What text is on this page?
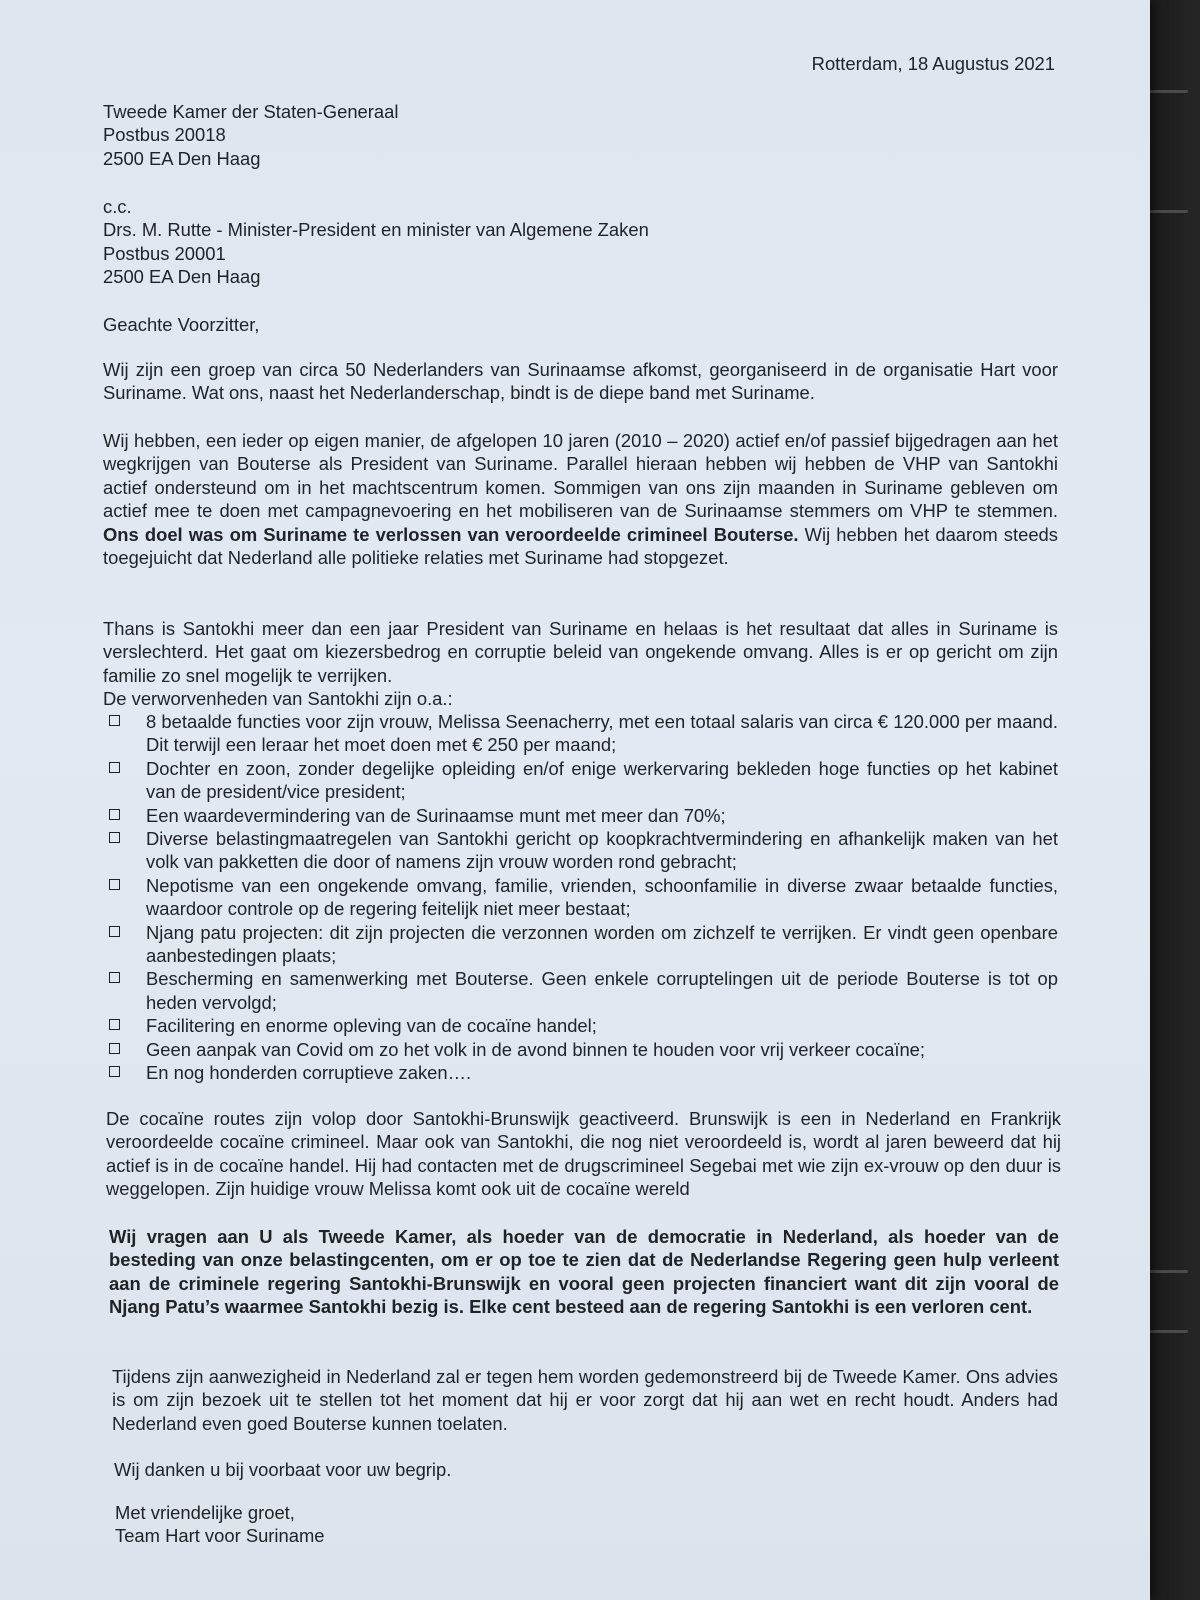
Rotterdam, 18 Augustus 2021
Tweede Kamer der Staten-Generaal
Postbus 20018
2500 EA Den Haag
c.c.
Drs. M. Rutte - Minister-President en minister van Algemene Zaken
Postbus 20001
2500 EA Den Haag
Geachte Voorzitter,
Wij zijn een groep van circa 50 Nederlanders van Surinaamse afkomst, georganiseerd in de organisatie Hart voor Suriname. Wat ons, naast het Nederlanderschap, bindt is de diepe band met Suriname.
Wij hebben, een ieder op eigen manier, de afgelopen 10 jaren (2010 – 2020) actief en/of passief bijgedragen aan het wegkrijgen van Bouterse als President van Suriname. Parallel hieraan hebben wij hebben de VHP van Santokhi actief ondersteund om in het machtscentrum komen. Sommigen van ons zijn maanden in Suriname gebleven om actief mee te doen met campagnevoering en het mobiliseren van de Surinaamse stemmers om VHP te stemmen. Ons doel was om Suriname te verlossen van veroordeelde crimineel Bouterse. Wij hebben het daarom steeds toegejuicht dat Nederland alle politieke relaties met Suriname had stopgezet.
Thans is Santokhi meer dan een jaar President van Suriname en helaas is het resultaat dat alles in Suriname is verslechterd. Het gaat om kiezersbedrog en corruptie beleid van ongekende omvang. Alles is er op gericht om zijn familie zo snel mogelijk te verrijken.
De verworvenheden van Santokhi zijn o.a.:
8 betaalde functies voor zijn vrouw, Melissa Seenacherry, met een totaal salaris van circa € 120.000 per maand. Dit terwijl een leraar het moet doen met € 250 per maand;
Dochter en zoon, zonder degelijke opleiding en/of enige werkervaring bekleden hoge functies op het kabinet van de president/vice president;
Een waardevermindering van de Surinaamse munt met meer dan 70%;
Diverse belastingmaatregelen van Santokhi gericht op koopkrachtvermindering en afhankelijk maken van het volk van pakketten die door of namens zijn vrouw worden rond gebracht;
Nepotisme van een ongekende omvang, familie, vrienden, schoonfamilie in diverse zwaar betaalde functies, waardoor controle op de regering feitelijk niet meer bestaat;
Njang patu projecten: dit zijn projecten die verzonnen worden om zichzelf te verrijken. Er vindt geen openbare aanbestedingen plaats;
Bescherming en samenwerking met Bouterse. Geen enkele corruptelingen uit de periode Bouterse is tot op heden vervolgd;
Facilitering en enorme opleving van de cocaïne handel;
Geen aanpak van Covid om zo het volk in de avond binnen te houden voor vrij verkeer cocaïne;
En nog honderden corruptieve zaken….
De cocaïne routes zijn volop door Santokhi-Brunswijk geactiveerd. Brunswijk is een in Nederland en Frankrijk veroordeelde cocaïne crimineel. Maar ook van Santokhi, die nog niet veroordeeld is, wordt al jaren beweerd dat hij actief is in de cocaïne handel. Hij had contacten met de drugscrimineel Segebai met wie zijn ex-vrouw op den duur is weggelopen. Zijn huidige vrouw Melissa komt ook uit de cocaïne wereld
Wij vragen aan U als Tweede Kamer, als hoeder van de democratie in Nederland, als hoeder van de besteding van onze belastingcenten, om er op toe te zien dat de Nederlandse Regering geen hulp verleent aan de criminele regering Santokhi-Brunswijk en vooral geen projecten financiert want dit zijn vooral de Njang Patu’s waarmee Santokhi bezig is. Elke cent besteed aan de regering Santokhi is een verloren cent.
Tijdens zijn aanwezigheid in Nederland zal er tegen hem worden gedemonstreerd bij de Tweede Kamer. Ons advies is om zijn bezoek uit te stellen tot het moment dat hij er voor zorgt dat hij aan wet en recht houdt. Anders had Nederland even goed Bouterse kunnen toelaten.
Wij danken u bij voorbaat voor uw begrip.
Met vriendelijke groet,
Team Hart voor Suriname
